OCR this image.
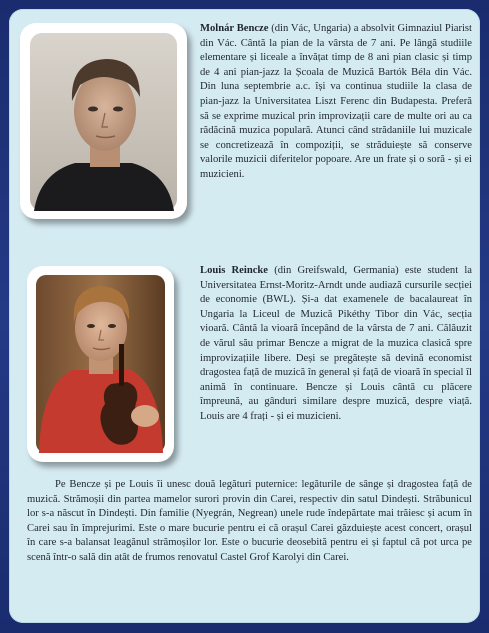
Molnár Bencze (din Vác, Ungaria) a absolvit Gimnaziul Piarist din Vác. Cântă la pian de la vârsta de 7 ani. Pe lângă studiile elementare și liceale a învățat timp de 8 ani pian clasic și timp de 4 ani pian-jazz la Școala de Muzică Bartók Béla din Vác. Din luna septembrie a.c. își va continua studiile la clasa de pian-jazz la Universitatea Liszt Ferenc din Budapesta. Preferă să se exprime muzical prin improvizații care de multe ori au ca rădăcină muzica populară. Atunci când strădaniile lui muzicale se concretizează în compoziții, se străduiește să conserve valorile muzicii diferitelor popoare. Are un frate și o soră - și ei muzicieni.
Louis Reincke (din Greifswald, Germania) este student la Universitatea Ernst-Moritz-Arndt unde audiază cursurile secției de economie (BWL). Și-a dat examenele de bacalaureat în Ungaria la Liceul de Muzică Pikéthy Tibor din Vác, secția vioară. Cântă la vioară începând de la vârsta de 7 ani. Călăuzit de vărul său primar Bencze a migrat de la muzica clasică spre improvizațiile libere. Deși se pregătește să devină economist dragostea față de muzică în general și față de vioară în special îl animă în continuare. Bencze și Louis cântă cu plăcere împreună, au gânduri similare despre muzică, despre viață. Louis are 4 frați - și ei muzicieni.
Pe Bencze și pe Louis îi unesc două legături puternice: legăturile de sânge și dragostea față de muzică. Strămoșii din partea mamelor surori provin din Carei, respectiv din satul Dindești. Străbunicul lor s-a născut în Dindești. Din familie (Nyegrán, Negrean) unele rude îndepărtate mai trăiesc și acum în Carei sau în împrejurimi. Este o mare bucurie pentru ei că orașul Carei găzduiește acest concert, orașul în care s-a balansat leagănul strămoșilor lor. Este o bucurie deosebită pentru ei și faptul că pot urca pe scenă într-o sală din atât de frumos renovatul Castel Grof Karolyi din Carei.
